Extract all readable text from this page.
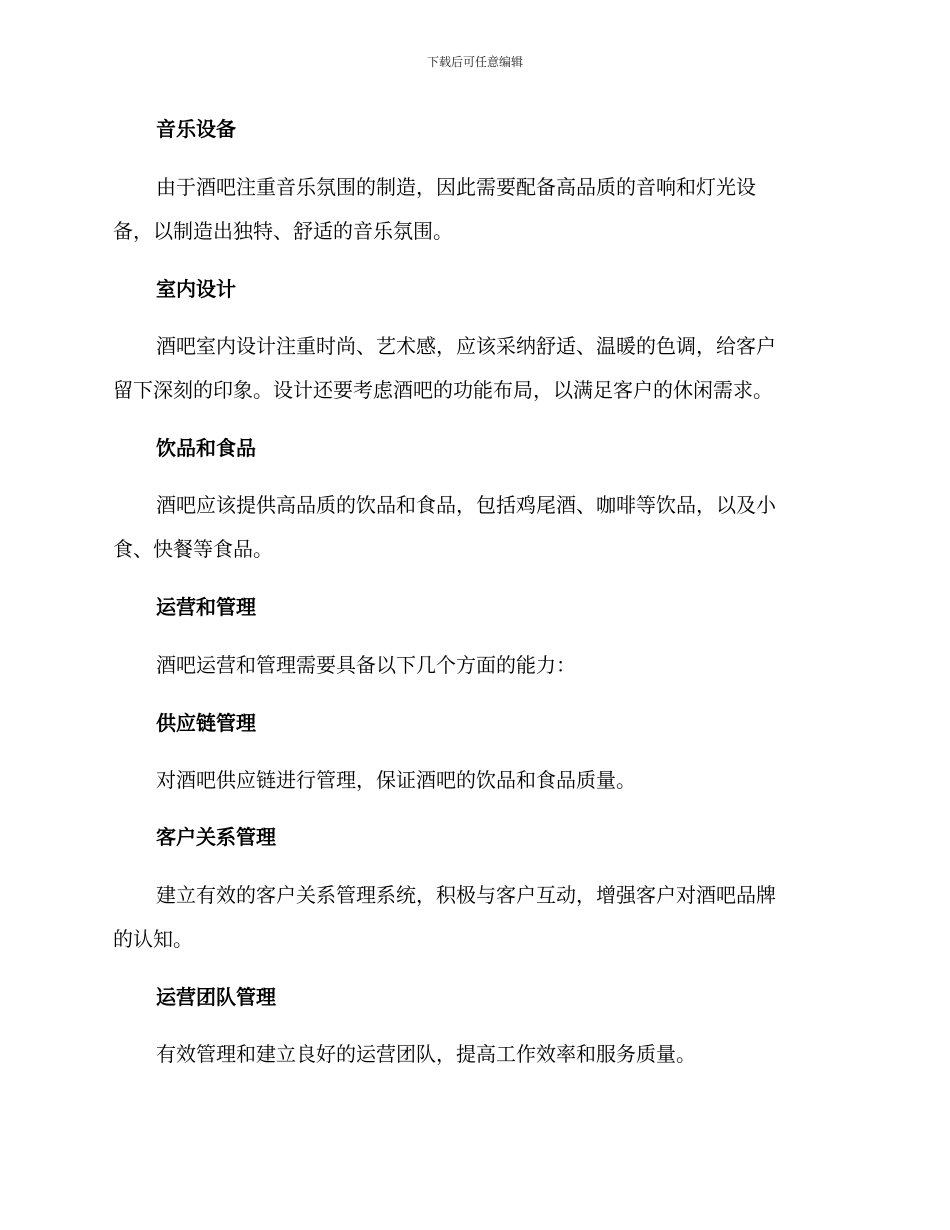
下载后可任意编辑
音乐设备
由于酒吧注重音乐氛围的制造，因此需要配备高品质的音响和灯光设
备，以制造出独特、舒适的音乐氛围。
室内设计
酒吧室内设计注重时尚、艺术感，应该采纳舒适、温暖的色调，给客户
留下深刻的印象。设计还要考虑酒吧的功能布局，以满足客户的休闲需求。
饮品和食品
酒吧应该提供高品质的饮品和食品，包括鸡尾酒、咖啡等饮品，以及小
食、快餐等食品。
运营和管理
酒吧运营和管理需要具备以下几个方面的能力：
供应链管理
对酒吧供应链进行管理，保证酒吧的饮品和食品质量。
客户关系管理
建立有效的客户关系管理系统，积极与客户互动，增强客户对酒吧品牌
的认知。
运营团队管理
有效管理和建立良好的运营团队，提高工作效率和服务质量。
